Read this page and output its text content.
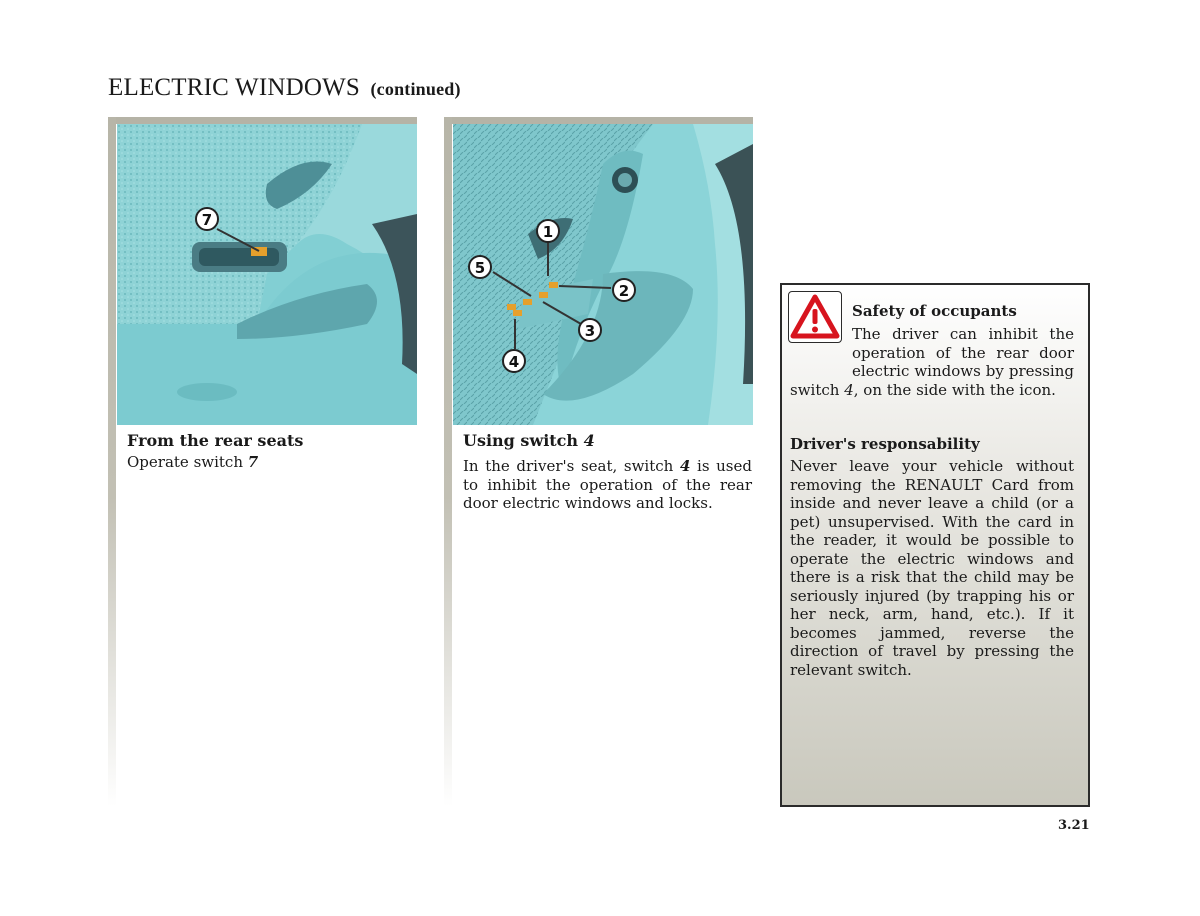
ELECTRIC WINDOWS (continued)
7
1
2
3
4
5
From the rear seats
Operate switch 7
Using switch 4
In the driver's seat, switch 4 is used to inhibit the operation of the rear door electric windows and locks.
Safety of occupants
The driver can inhibit the operation of the rear door electric windows by pressing switch 4, on the side with the icon.
Driver's responsability
Never leave your vehicle without removing the RENAULT Card from inside and never leave a child (or a pet) unsupervised. With the card in the reader, it would be possible to operate the electric windows and there is a risk that the child may be seriously injured (by trapping his or her neck, arm, hand, etc.). If it becomes jammed, reverse the direction of travel by pressing the relevant switch.
3.21
